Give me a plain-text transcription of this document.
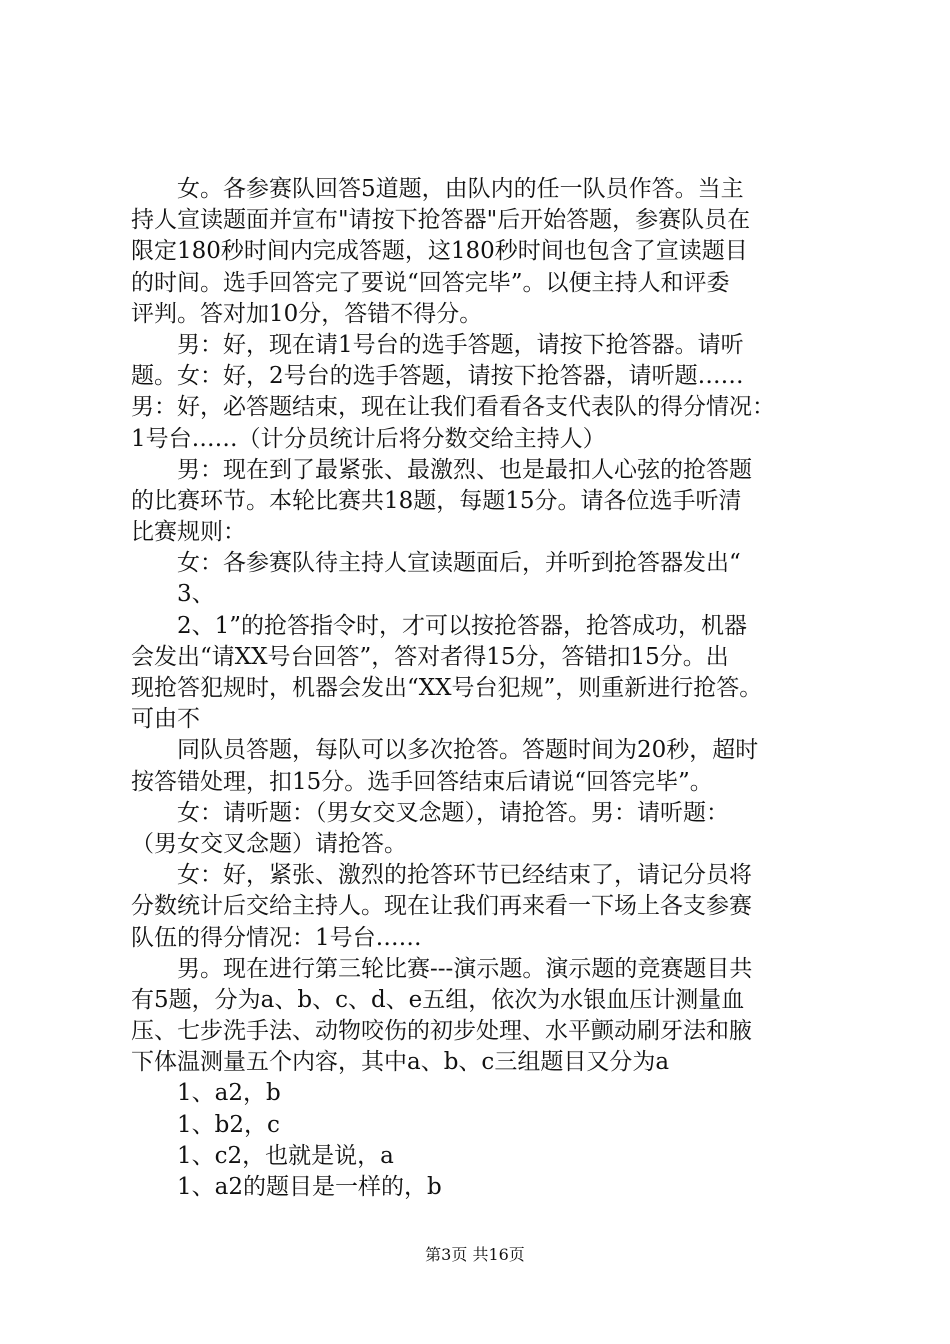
女。各参赛队回答5道题，由队内的任一队员作答。当主
持人宣读题面并宣布"请按下抢答器"后开始答题，参赛队员在
限定180秒时间内完成答题，这180秒时间也包含了宣读题目
的时间。选手回答完了要说“回答完毕”。以便主持人和评委
评判。答对加10分，答错不得分。
男：好，现在请1号台的选手答题，请按下抢答器。请听
题。女：好，2号台的选手答题，请按下抢答器，请听题……
男：好，必答题结束，现在让我们看看各支代表队的得分情况：
1号台……（计分员统计后将分数交给主持人）
男：现在到了最紧张、最激烈、也是最扣人心弦的抢答题
的比赛环节。本轮比赛共18题，每题15分。请各位选手听清
比赛规则：
女：各参赛队待主持人宣读题面后，并听到抢答器发出“
3、
2、1”的抢答指令时，才可以按抢答器，抢答成功，机器
会发出“请XX号台回答”，答对者得15分，答错扣15分。出
现抢答犯规时，机器会发出“XX号台犯规”，则重新进行抢答。
可由不
同队员答题，每队可以多次抢答。答题时间为20秒，超时
按答错处理，扣15分。选手回答结束后请说“回答完毕”。
女：请听题：（男女交叉念题），请抢答。男：请听题：
（男女交叉念题）请抢答。
女：好，紧张、激烈的抢答环节已经结束了，请记分员将
分数统计后交给主持人。现在让我们再来看一下场上各支参赛
队伍的得分情况：1号台……
男。现在进行第三轮比赛---演示题。演示题的竞赛题目共
有5题，分为a、b、c、d、e五组，依次为水银血压计测量血
压、七步洗手法、动物咬伤的初步处理、水平颤动刷牙法和腋
下体温测量五个内容，其中a、b、c三组题目又分为a
1、a2，b
1、b2，c
1、c2，也就是说，a
1、a2的题目是一样的，b
第3页 共16页
